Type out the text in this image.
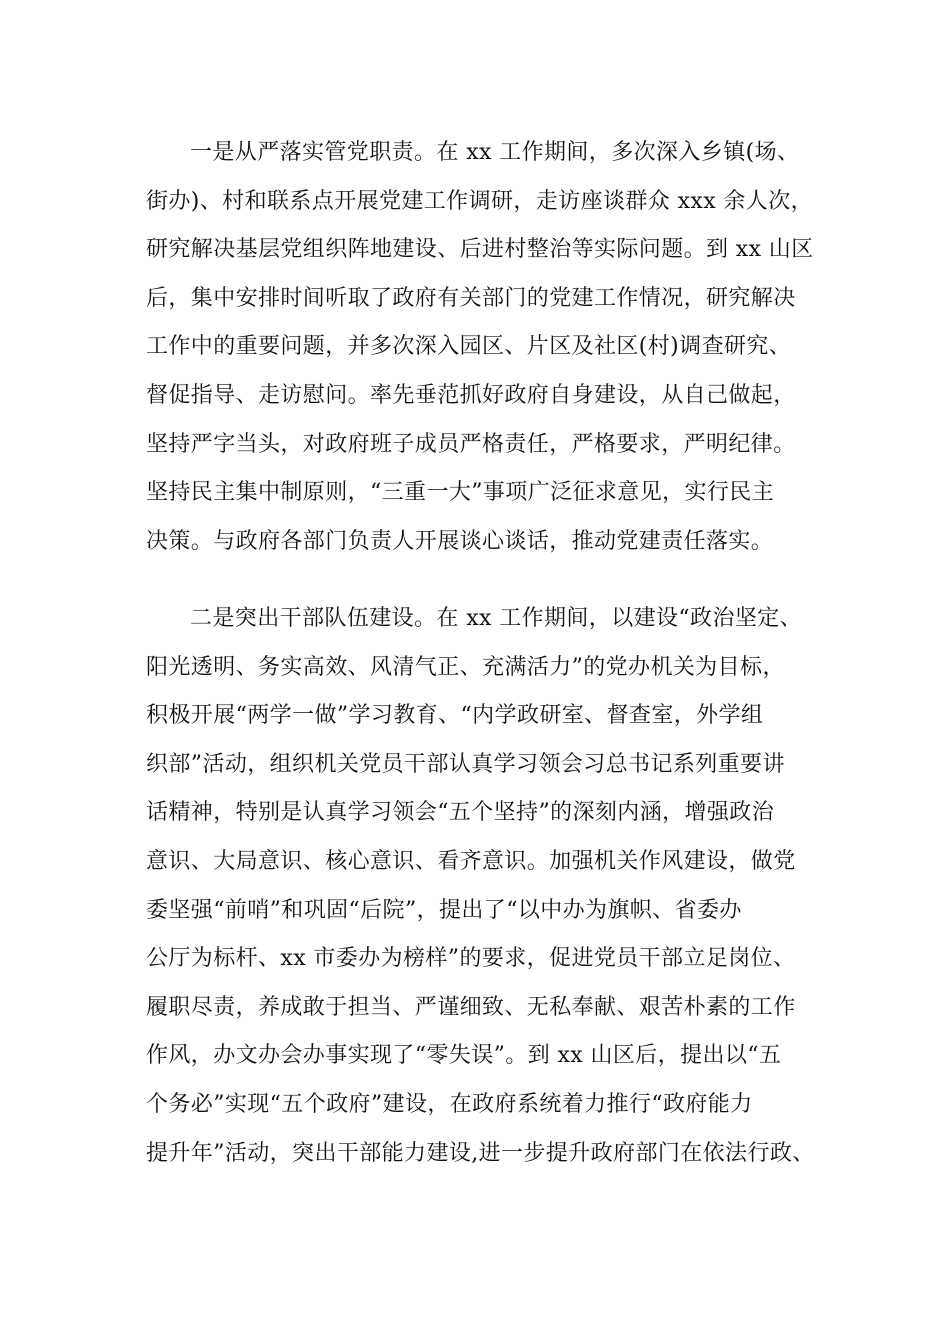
一是从严落实管党职责。在 xx 工作期间，多次深入乡镇(场、
街办)、村和联系点开展党建工作调研，走访座谈群众 xxx 余人次，
研究解决基层党组织阵地建设、后进村整治等实际问题。到 xx 山区
后，集中安排时间听取了政府有关部门的党建工作情况，研究解决
工作中的重要问题，并多次深入园区、片区及社区(村)调查研究、
督促指导、走访慰问。率先垂范抓好政府自身建设，从自己做起，
坚持严字当头，对政府班子成员严格责任，严格要求，严明纪律。
坚持民主集中制原则，“三重一大”事项广泛征求意见，实行民主
决策。与政府各部门负责人开展谈心谈话，推动党建责任落实。
二是突出干部队伍建设。在 xx 工作期间，以建设“政治坚定、
阳光透明、务实高效、风清气正、充满活力”的党办机关为目标，
积极开展“两学一做”学习教育、“内学政研室、督查室，外学组
织部”活动，组织机关党员干部认真学习领会习总书记系列重要讲
话精神，特别是认真学习领会“五个坚持”的深刻内涵，增强政治
意识、大局意识、核心意识、看齐意识。加强机关作风建设，做党
委坚强“前哨”和巩固“后院”，提出了“以中办为旗帜、省委办
公厅为标杆、xx 市委办为榜样”的要求，促进党员干部立足岗位、
履职尽责，养成敢于担当、严谨细致、无私奉献、艰苦朴素的工作
作风，办文办会办事实现了“零失误”。到 xx 山区后，提出以“五
个务必”实现“五个政府”建设，在政府系统着力推行“政府能力
提升年”活动，突出干部能力建设,进一步提升政府部门在依法行政、
